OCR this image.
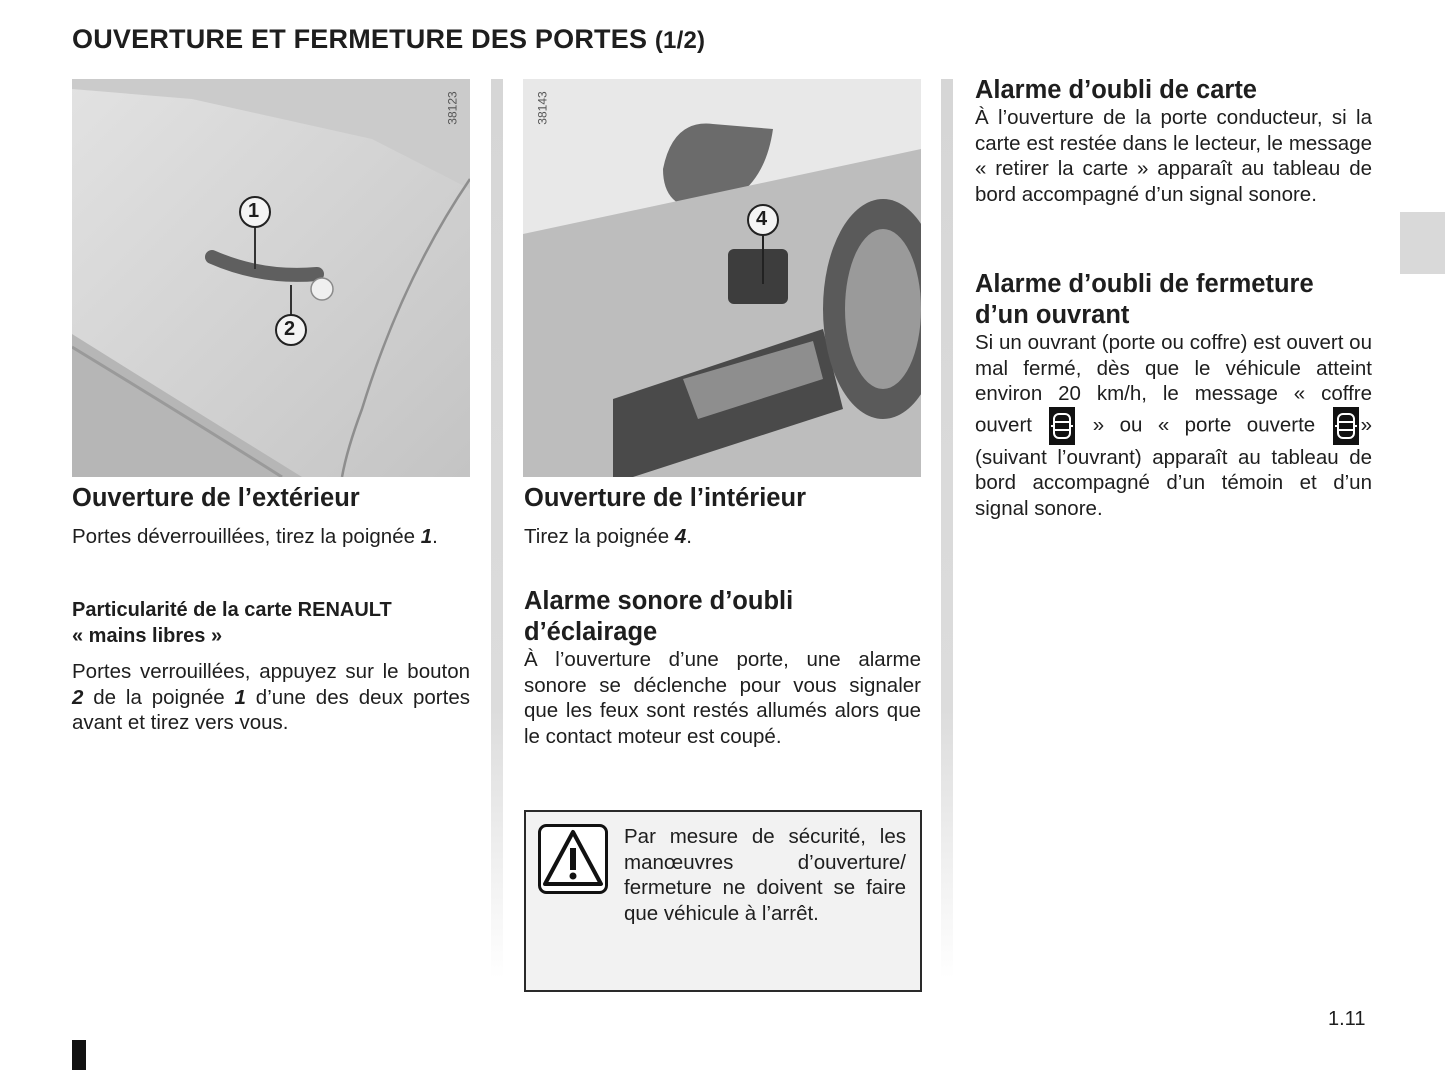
OUVERTURE ET FERMETURE DES PORTES (1/2)
1
2
38123
4
38143
Ouverture de l’extérieur
Portes déverrouillées, tirez la poignée 1.
Particularité de la carte RENAULT
« mains libres »
Portes verrouillées, appuyez sur le bouton 2 de la poignée 1 d’une des deux portes avant et tirez vers vous.
Ouverture de l’intérieur
Tirez la poignée 4.
Alarme sonore d’oubli
d’éclairage
À l’ouverture d’une porte, une alarme sonore se déclenche pour vous signaler que les feux sont restés allumés alors que le contact moteur est coupé.
Par mesure de sécurité, les manœuvres d’ouverture/ fermeture ne doivent se faire que véhicule à l’arrêt.
Alarme d’oubli de carte
À l’ouverture de la porte conducteur, si la carte est restée dans le lecteur, le message « retirer la carte » apparaît au tableau de bord accompagné d’un signal sonore.
Alarme d’oubli de fermeture
d’un ouvrant
Si un ouvrant (porte ou coffre) est ouvert ou mal fermé, dès que le véhicule atteint environ 20 km/h, le message « coffre ouvert
» ou « porte ouverte
» (suivant l’ouvrant) apparaît au tableau de bord accompagné d’un témoin et d’un signal sonore.
1.11
